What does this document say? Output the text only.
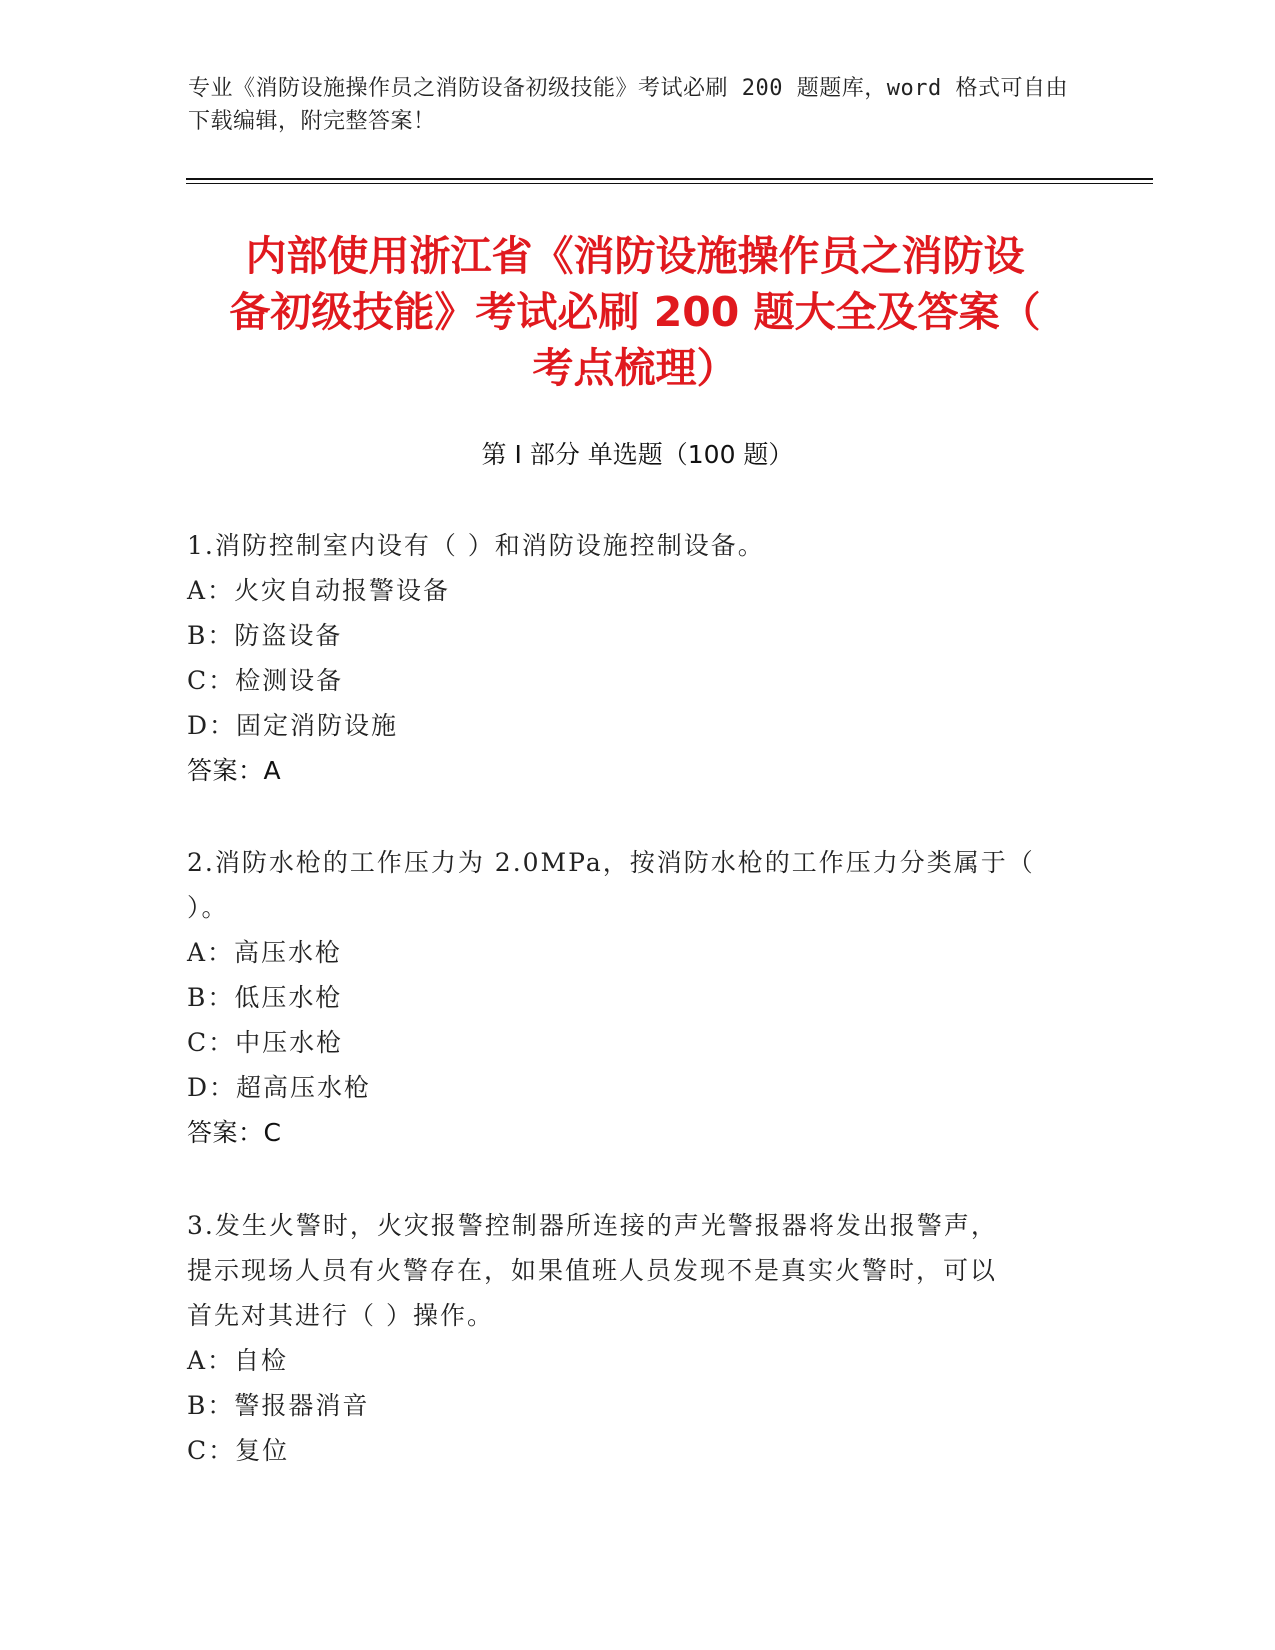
专业《消防设施操作员之消防设备初级技能》考试必刷 200 题题库，word 格式可自由下载编辑，附完整答案！
内部使用浙江省《消防设施操作员之消防设
备初级技能》考试必刷 200 题大全及答案（
考点梳理）
第 I 部分 单选题（100 题）
1.消防控制室内设有（ ）和消防设施控制设备。
A：火灾自动报警设备
B：防盗设备
C：检测设备
D：固定消防设施
答案：A
2.消防水枪的工作压力为 2.0MPa，按消防水枪的工作压力分类属于（
）。
A：高压水枪
B：低压水枪
C：中压水枪
D：超高压水枪
答案：C
3.发生火警时，火灾报警控制器所连接的声光警报器将发出报警声，
提示现场人员有火警存在，如果值班人员发现不是真实火警时，可以
首先对其进行（ ）操作。
A：自检
B：警报器消音
C：复位
